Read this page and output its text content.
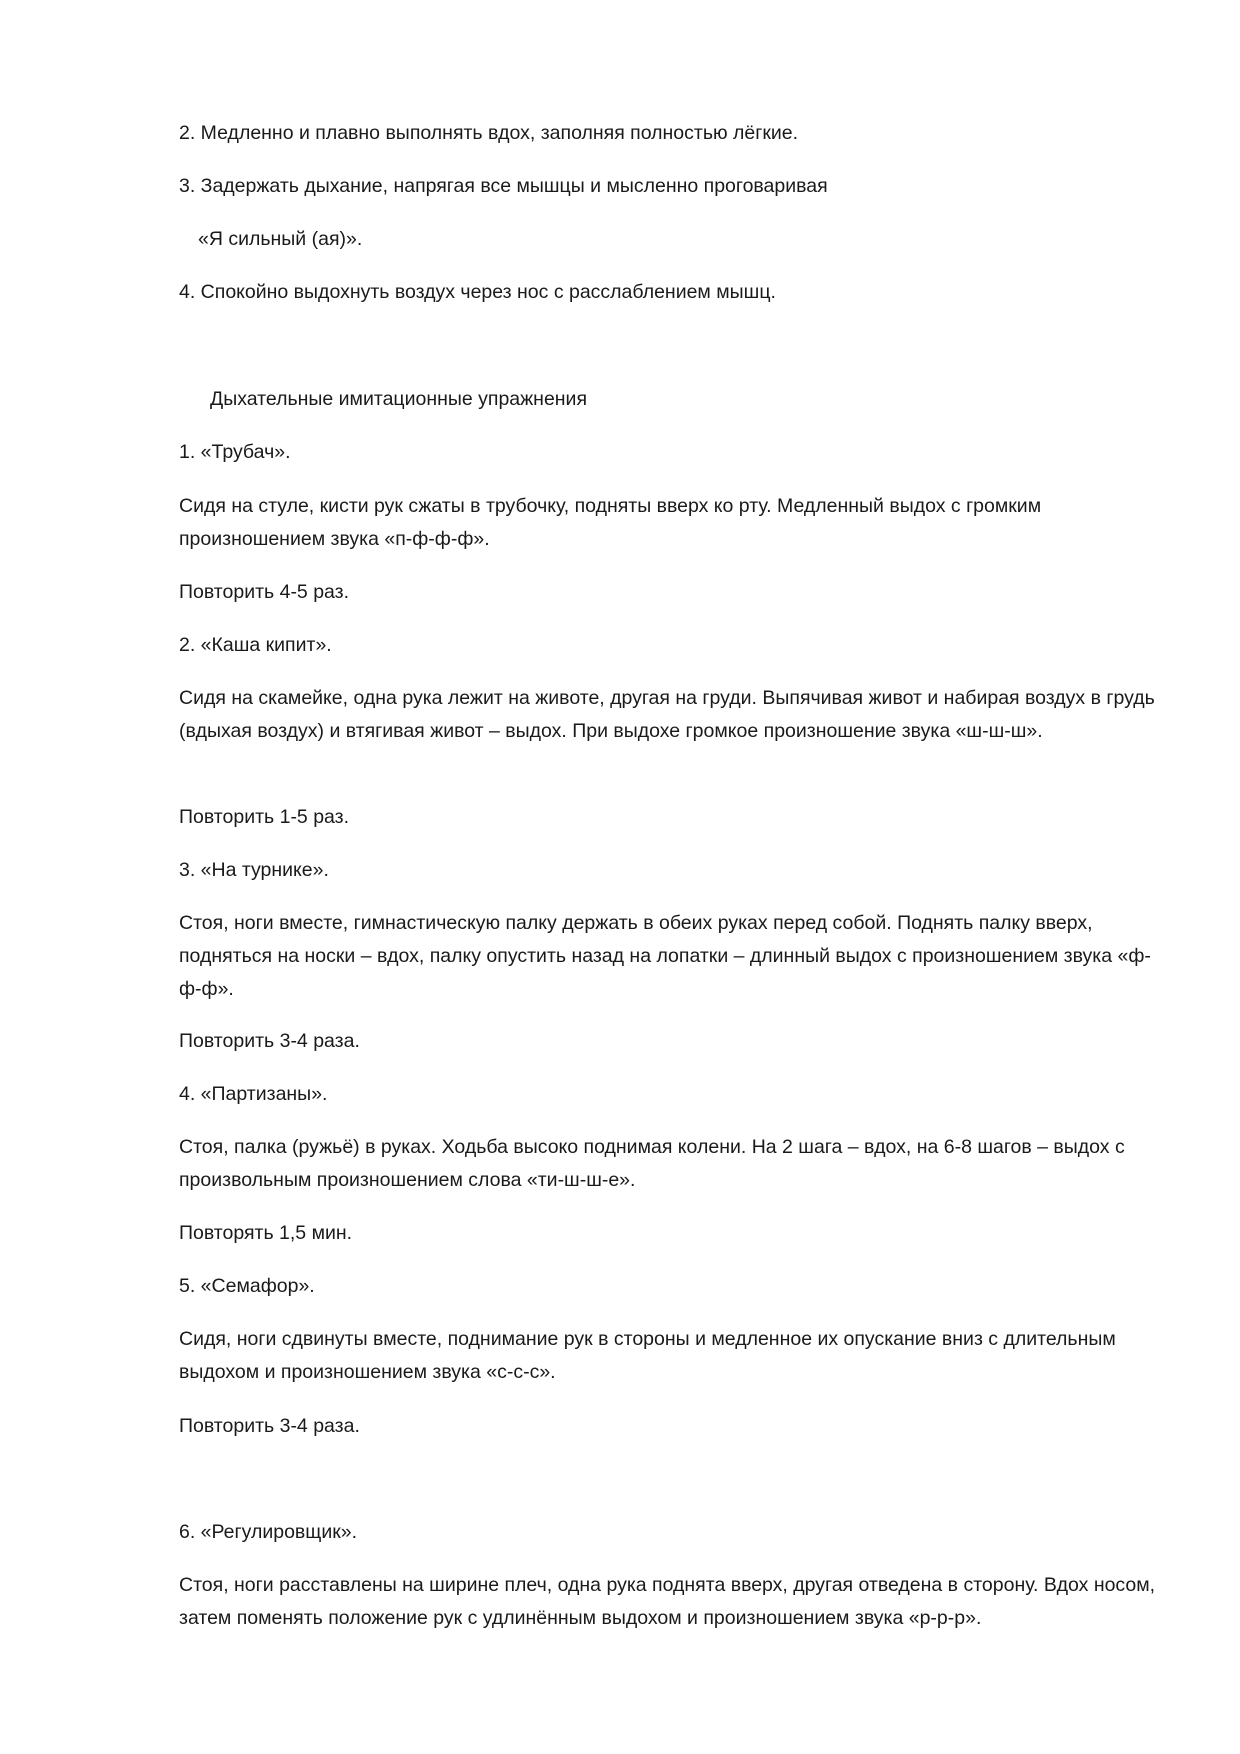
2. Медленно и плавно выполнять вдох, заполняя полностью лёгкие.

3. Задержать дыхание, напрягая все мышцы и мысленно проговаривая

«Я сильный (ая)».

4. Спокойно выдохнуть воздух через нос с расслаблением мышц.

Дыхательные имитационные упражнения

1. «Трубач».

Сидя на стуле, кисти рук сжаты в трубочку, подняты вверх ко рту. Медленный выдох с громким произношением звука «п-ф-ф-ф».

Повторить 4-5 раз.

2. «Каша кипит».

Сидя на скамейке, одна рука лежит на животе, другая на груди. Выпячивая живот и набирая воздух в грудь (вдыхая воздух) и втягивая живот – выдох. При выдохе громкое произношение звука «ш-ш-ш».

Повторить 1-5 раз.

3. «На турнике».

Стоя, ноги вместе, гимнастическую палку держать в обеих руках перед собой. Поднять палку вверх, подняться на носки – вдох, палку опустить назад на лопатки – длинный выдох с произношением звука «ф-ф-ф».

Повторить 3-4 раза.

4. «Партизаны».

Стоя, палка (ружьё) в руках. Ходьба высоко поднимая колени. На 2 шага – вдох, на 6-8 шагов – выдох с произвольным произношением слова «ти-ш-ш-е».

Повторять 1,5 мин.

5. «Семафор».

Сидя, ноги сдвинуты вместе, поднимание рук в стороны и медленное их опускание вниз с длительным выдохом и произношением звука «с-с-с».

Повторить 3-4 раза.

6. «Регулировщик».

Стоя, ноги расставлены на ширине плеч, одна рука поднята вверх, другая отведена в сторону. Вдох носом, затем поменять положение рук с удлинённым выдохом и произношением звука «р-р-р».
